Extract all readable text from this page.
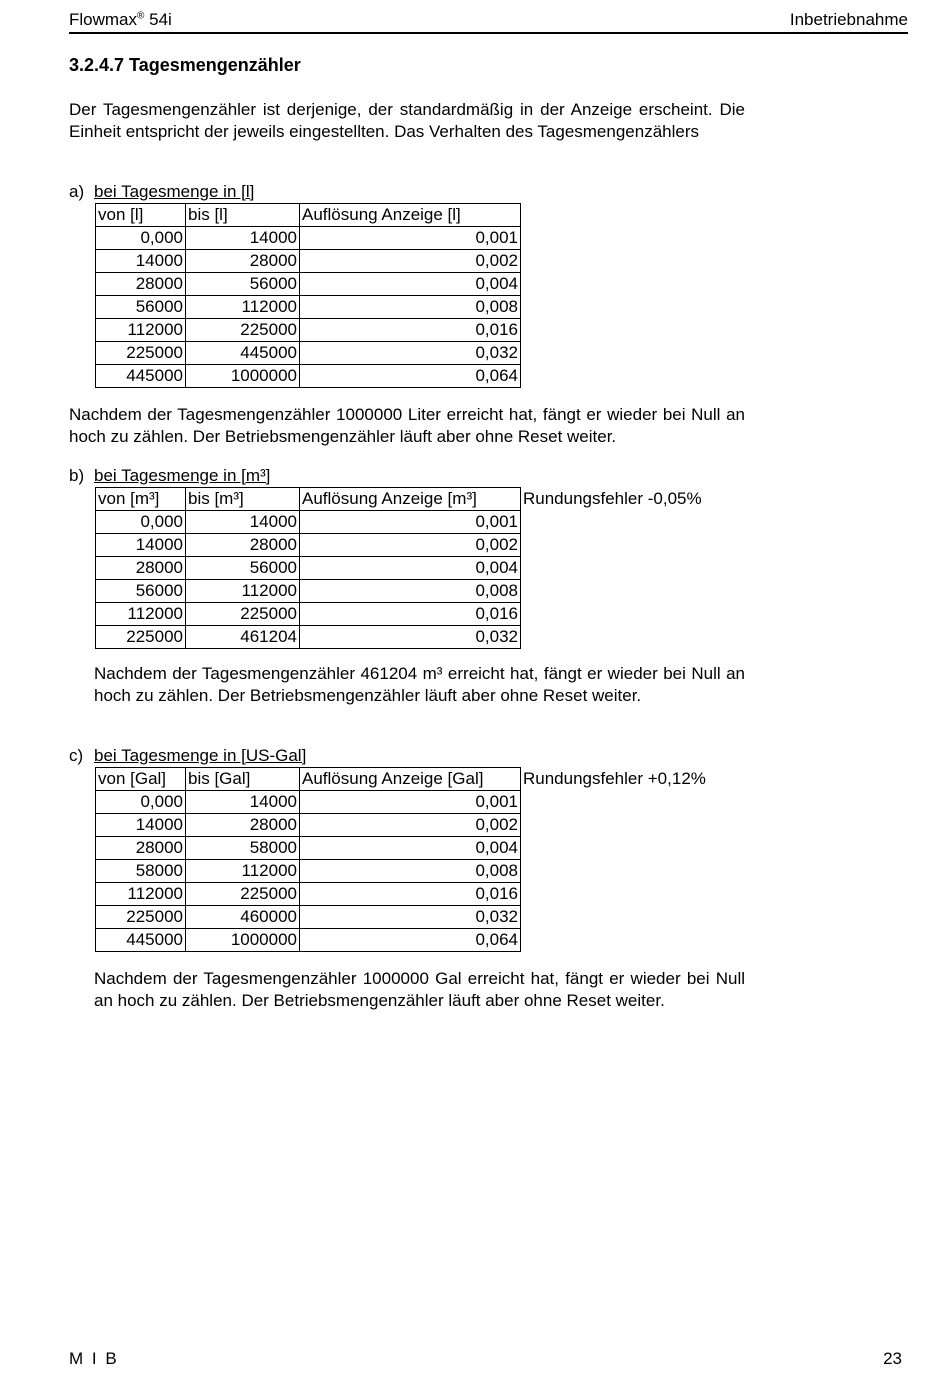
Flowmax® 54i	Inbetriebnahme
3.2.4.7 Tagesmengenzähler
Der Tagesmengenzähler ist derjenige, der standardmäßig in der Anzeige erscheint. Die Einheit entspricht der jeweils eingestellten. Das Verhalten des Tagesmengenzählers
a) bei Tagesmenge in [l]
von [l]	bis [l]	Auflösung Anzeige [l]
0,000	14000	0,001
14000	28000	0,002
28000	56000	0,004
56000	112000	0,008
112000	225000	0,016
225000	445000	0,032
445000	1000000	0,064
Nachdem der Tagesmengenzähler 1000000 Liter erreicht hat, fängt er wieder bei Null an hoch zu zählen. Der Betriebsmengenzähler läuft aber ohne Reset weiter.
b) bei Tagesmenge in [m³]
von [m³]	bis [m³]	Auflösung Anzeige [m³]
0,000	14000	0,001
14000	28000	0,002
28000	56000	0,004
56000	112000	0,008
112000	225000	0,016
225000	461204	0,032
Rundungsfehler -0,05%
Nachdem der Tagesmengenzähler 461204 m³ erreicht hat, fängt er wieder bei Null an hoch zu zählen. Der Betriebsmengenzähler läuft aber ohne Reset weiter.
c) bei Tagesmenge in [US-Gal]
von [Gal]	bis [Gal]	Auflösung Anzeige [Gal]
0,000	14000	0,001
14000	28000	0,002
28000	58000	0,004
58000	112000	0,008
112000	225000	0,016
225000	460000	0,032
445000	1000000	0,064
Rundungsfehler +0,12%
Nachdem der Tagesmengenzähler 1000000 Gal erreicht hat, fängt er wieder bei Null an hoch zu zählen. Der Betriebsmengenzähler läuft aber ohne Reset weiter.
M I B	23
